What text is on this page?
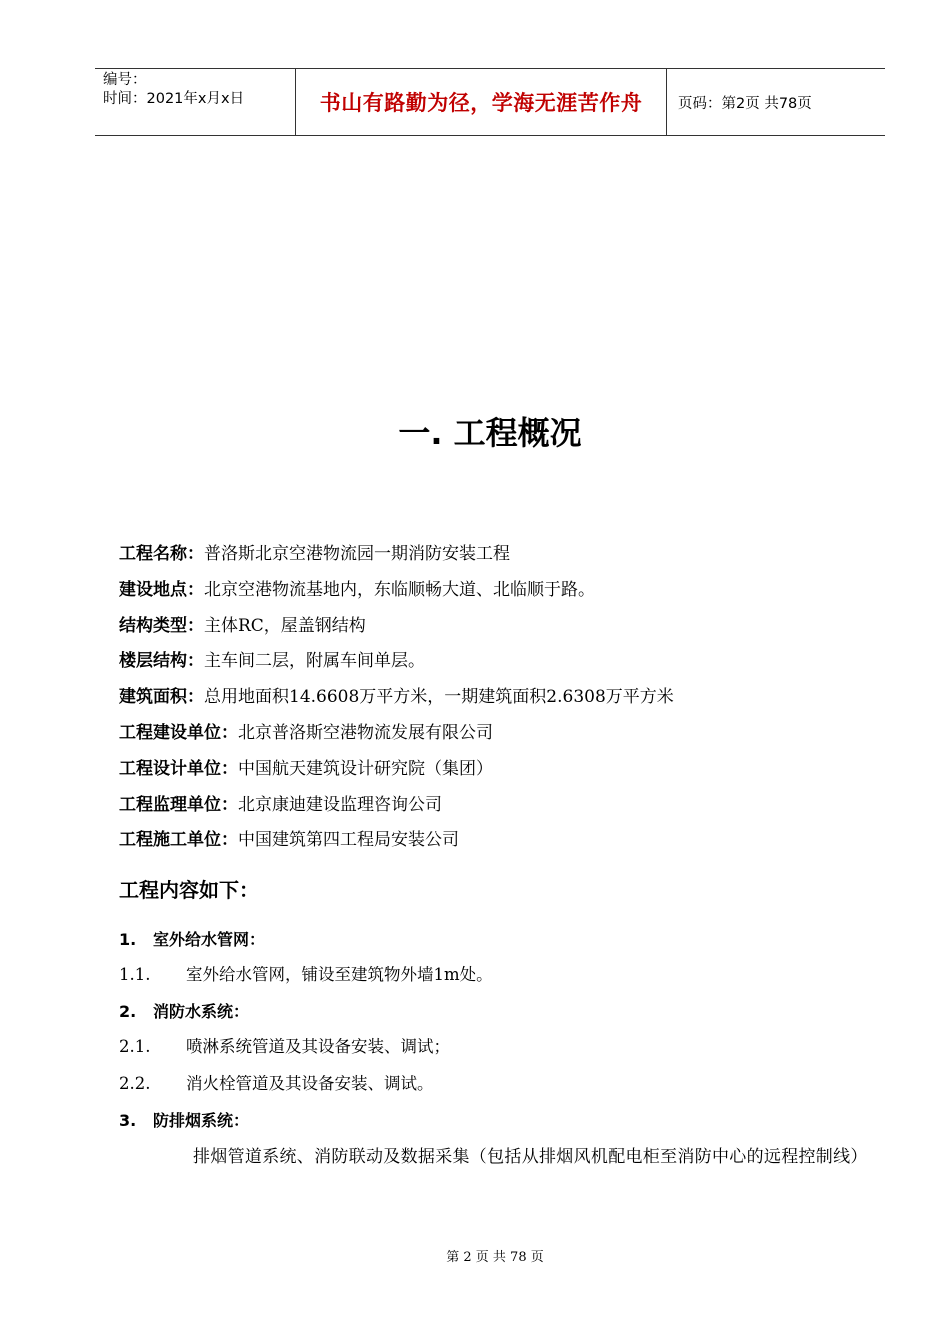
编号：
时间：2021年x月x日	书山有路勤为径，学海无涯苦作舟 页码：第2页 共78页
一. 工程概况
工程名称：普洛斯北京空港物流园一期消防安装工程
建设地点：北京空港物流基地内，东临顺畅大道、北临顺于路。
结构类型：主体RC，屋盖钢结构
楼层结构：主车间二层，附属车间单层。
建筑面积：总用地面积14.6608万平方米，一期建筑面积2.6308万平方米
工程建设单位：北京普洛斯空港物流发展有限公司
工程设计单位：中国航天建筑设计研究院（集团）
工程监理单位：北京康迪建设监理咨询公司
工程施工单位：中国建筑第四工程局安装公司
工程内容如下：
1. 室外给水管网：
1.1. 室外给水管网，铺设至建筑物外墙1m处。
2. 消防水系统：
2.1. 喷淋系统管道及其设备安装、调试；
2.2. 消火栓管道及其设备安装、调试。
3. 防排烟系统：
排烟管道系统、消防联动及数据采集（包括从排烟风机配电柜至消防中心的远程控制线）
第 2 页 共 78 页
